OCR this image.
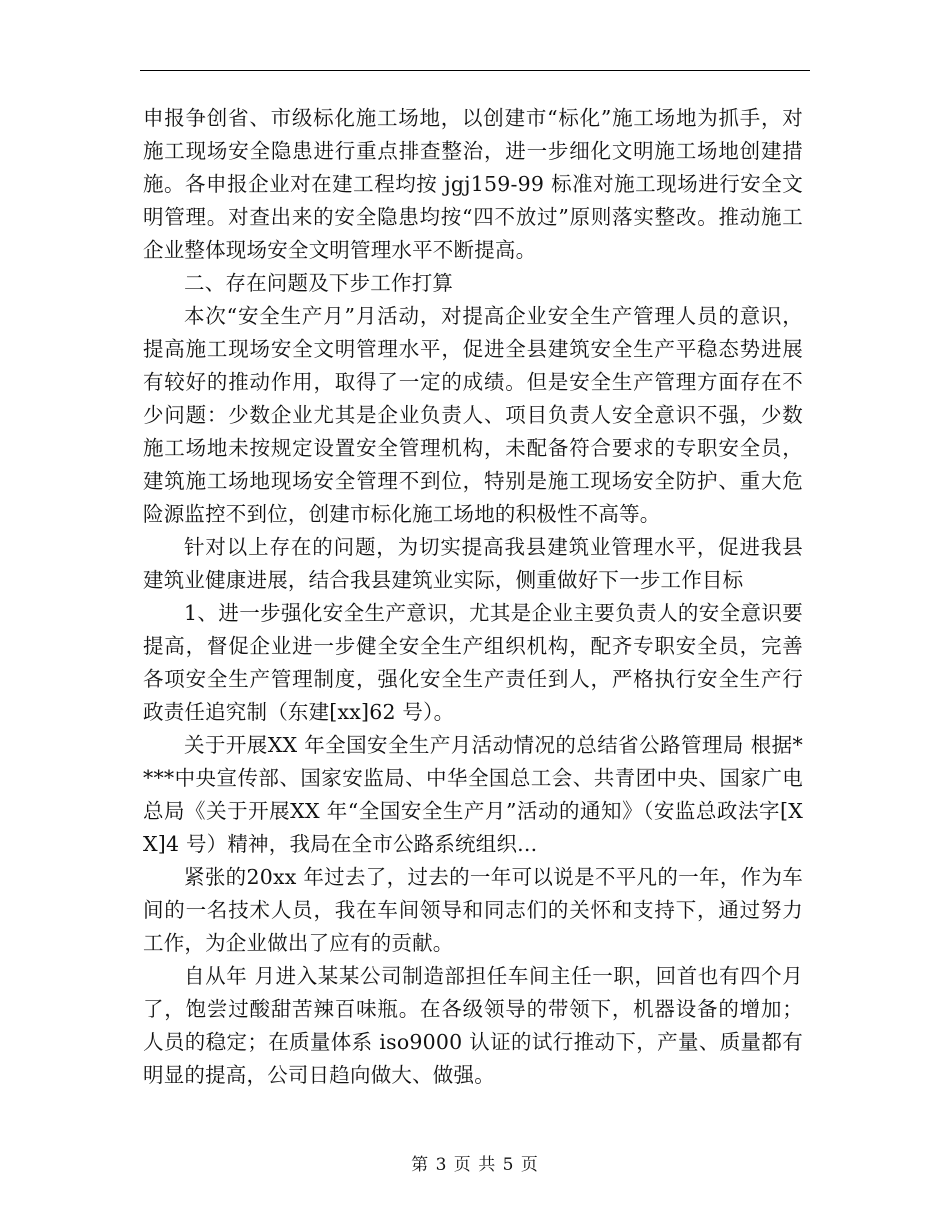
申报争创省、市级标化施工场地，以创建市“标化”施工场地为抓手，对施工现场安全隐患进行重点排查整治，进一步细化文明施工场地创建措施。各申报企业对在建工程均按 jgj159-99 标准对施工现场进行安全文明管理。对查出来的安全隐患均按“四不放过”原则落实整改。推动施工企业整体现场安全文明管理水平不断提高。

二、存在问题及下步工作打算

本次“安全生产月”月活动，对提高企业安全生产管理人员的意识，提高施工现场安全文明管理水平，促进全县建筑安全生产平稳态势进展有较好的推动作用，取得了一定的成绩。但是安全生产管理方面存在不少问题：少数企业尤其是企业负责人、项目负责人安全意识不强，少数施工场地未按规定设置安全管理机构，未配备符合要求的专职安全员，建筑施工场地现场安全管理不到位，特别是施工现场安全防护、重大危险源监控不到位，创建市标化施工场地的积极性不高等。

针对以上存在的问题，为切实提高我县建筑业管理水平，促进我县建筑业健康进展，结合我县建筑业实际，侧重做好下一步工作目标

1、进一步强化安全生产意识，尤其是企业主要负责人的安全意识要提高，督促企业进一步健全安全生产组织机构，配齐专职安全员，完善各项安全生产管理制度，强化安全生产责任到人，严格执行安全生产行政责任追究制（东建[xx]62 号）。

关于开展XX 年全国安全生产月活动情况的总结省公路管理局 根据****中央宣传部、国家安监局、中华全国总工会、共青团中央、国家广电总局《关于开展XX 年“全国安全生产月”活动的通知》（安监总政法字[XX]4 号）精神，我局在全市公路系统组织...

紧张的20xx 年过去了，过去的一年可以说是不平凡的一年，作为车间的一名技术人员，我在车间领导和同志们的关怀和支持下，通过努力工作，为企业做出了应有的贡献。

自从年 月进入某某公司制造部担任车间主任一职，回首也有四个月了，饱尝过酸甜苦辣百味瓶。在各级领导的带领下，机器设备的增加；人员的稳定；在质量体系 iso9000 认证的试行推动下，产量、质量都有明显的提高，公司日趋向做大、做强。

第 3 页 共 5 页
